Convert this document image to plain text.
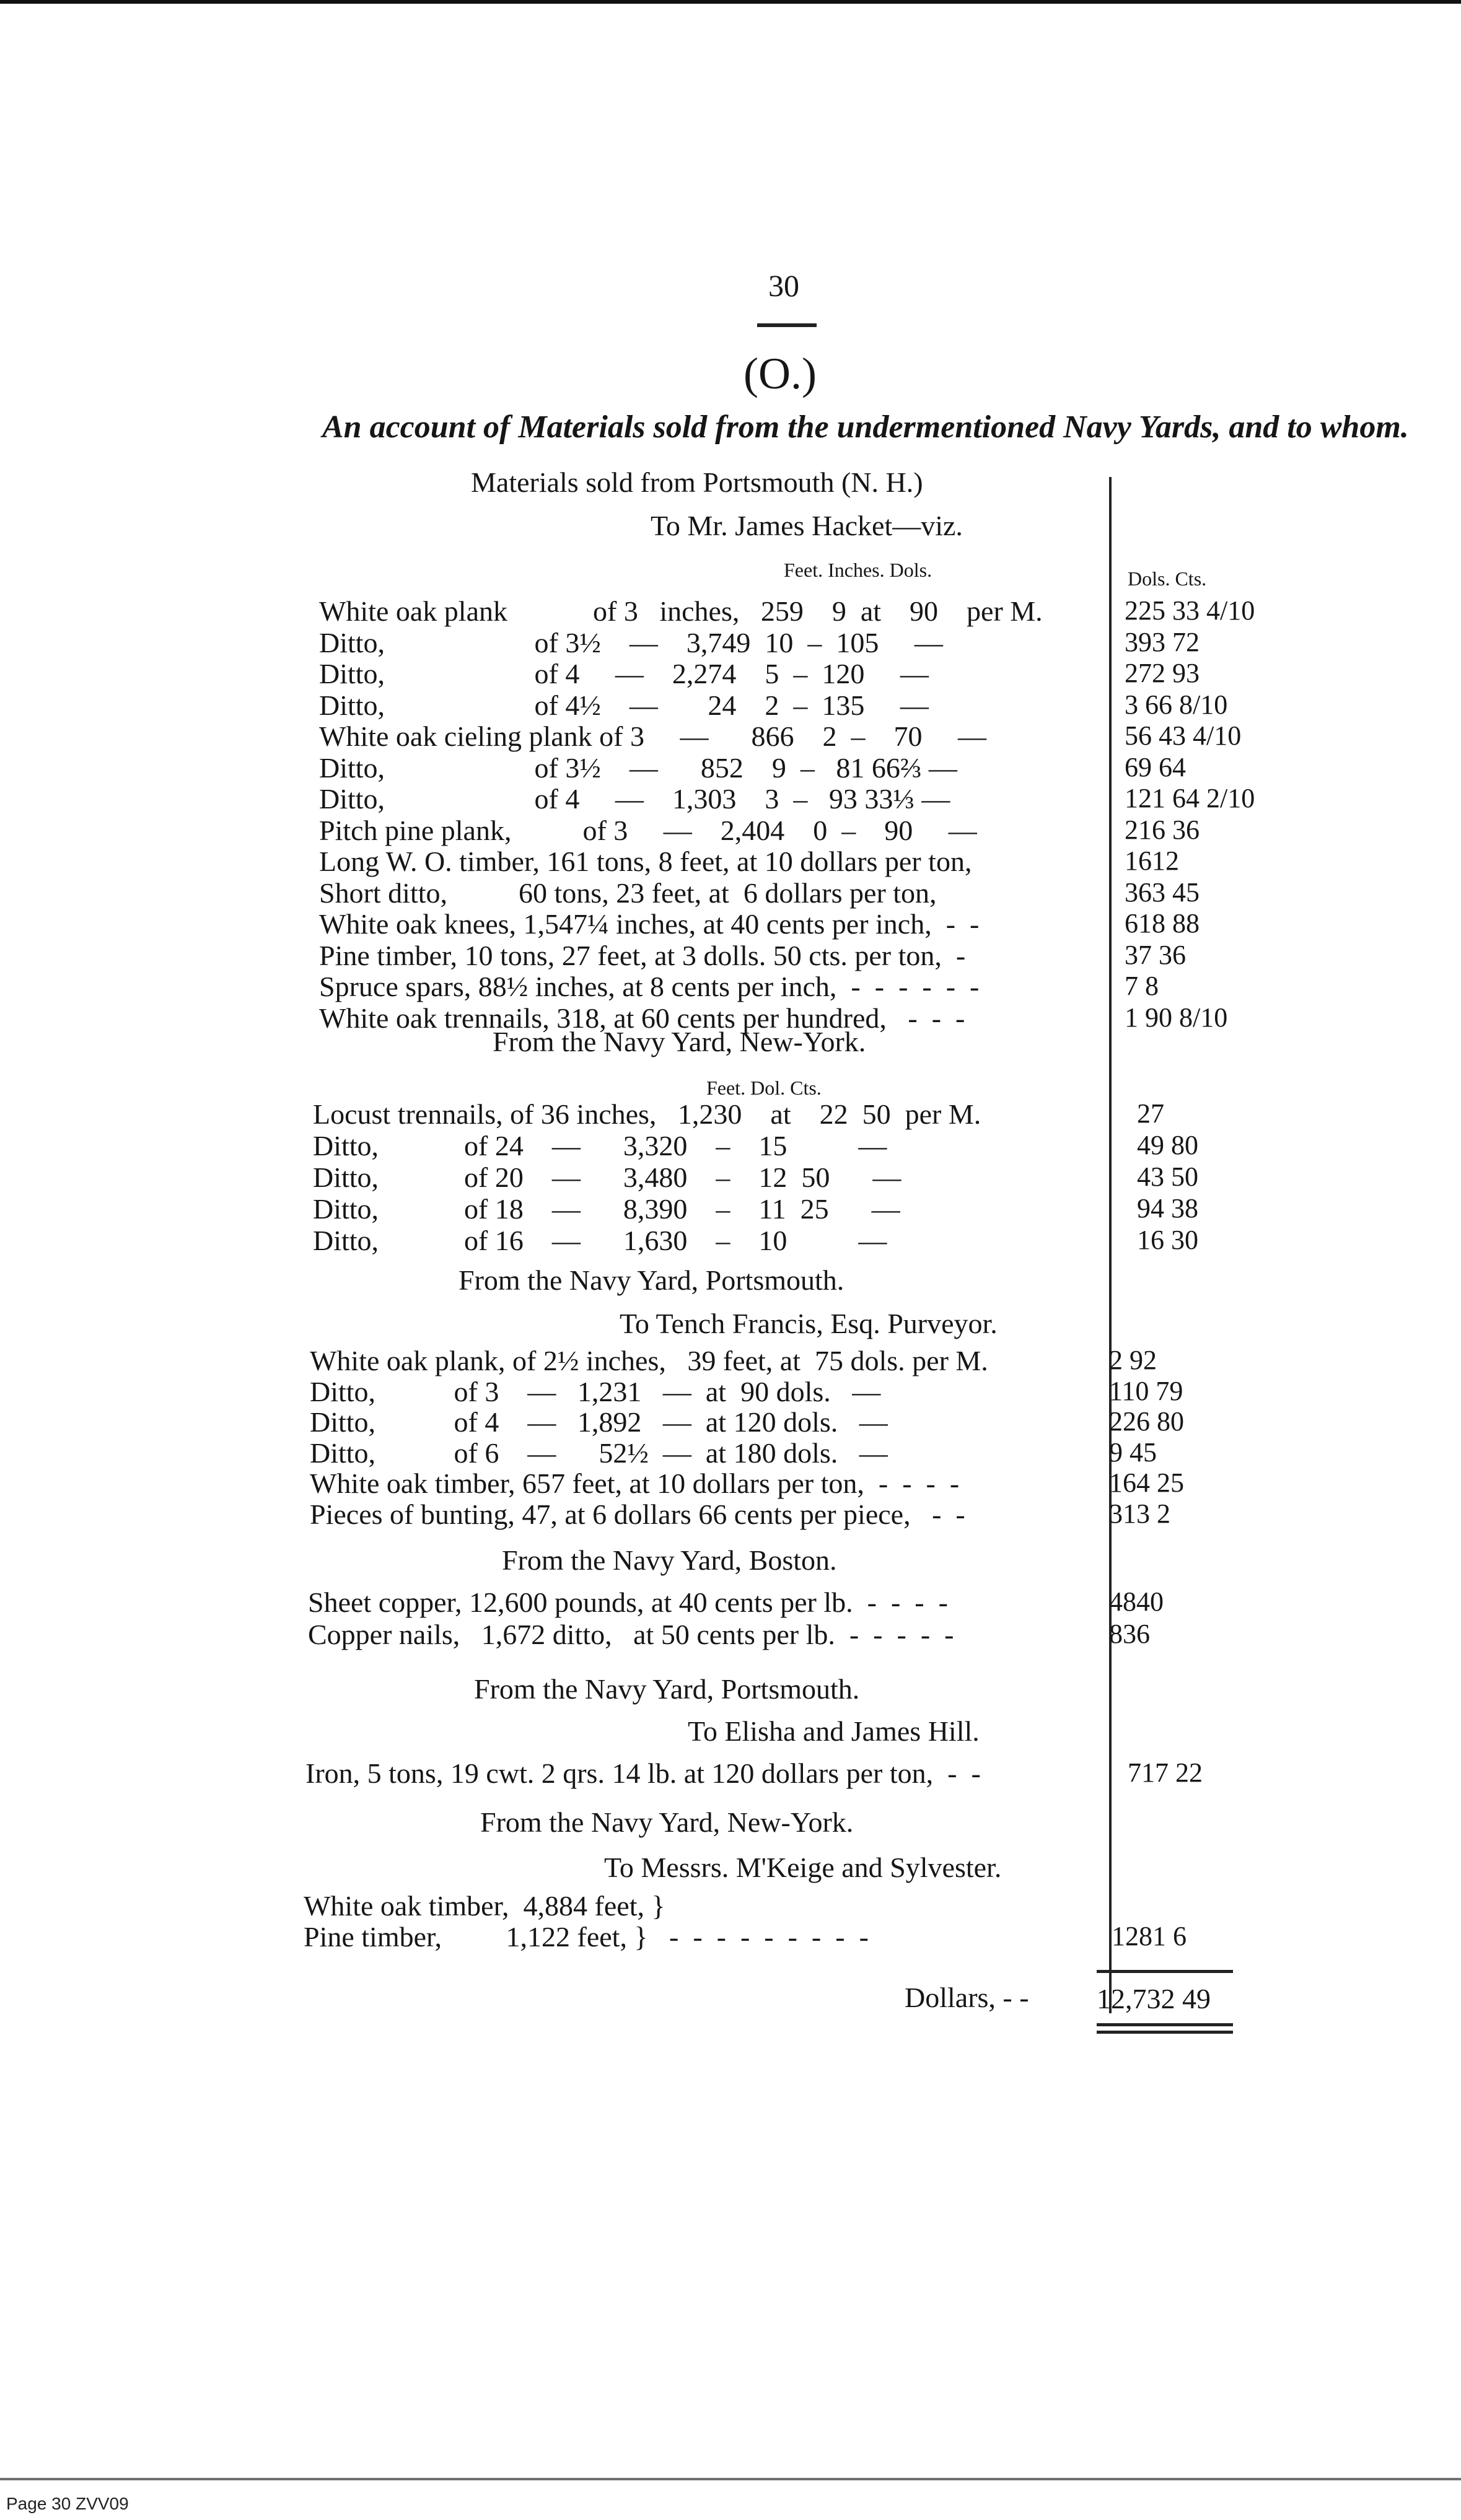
30
(O.)
An account of Materials sold from the undermentioned Navy Yards, and to whom.
Materials sold from Portsmouth (N. H.)
To Mr. James Hacket—viz.
Feet. Inches. Dols.	Dols. Cts.
White oak plank            of 3   inches,   259    9  at    90    per M.	225 33 4/10
Ditto,                     of 3½    —    3,749  10  –  105     —	393 72
Ditto,                     of 4     —    2,274    5  –  120     —	272 93
Ditto,                     of 4½    —       24    2  –  135     —	3 66 8/10
White oak cieling plank of 3     —      866    2  –    70     —	56 43 4/10
Ditto,                     of 3½    —      852    9  –   81 66⅔ —	69 64
Ditto,                     of 4     —    1,303    3  –   93 33⅓ —	121 64 2/10
Pitch pine plank,          of 3     —    2,404    0  –    90     —	216 36
Long W. O. timber, 161 tons, 8 feet, at 10 dollars per ton,	1612
Short ditto,          60 tons, 23 feet, at  6 dollars per ton,	363 45
White oak knees, 1,547¼ inches, at 40 cents per inch,  -  -	618 88
Pine timber, 10 tons, 27 feet, at 3 dolls. 50 cts. per ton,  -	37 36
Spruce spars, 88½ inches, at 8 cents per inch,  -  -  -  -  -  -	7 8
White oak trennails, 318, at 60 cents per hundred,   -  -  -	1 90 8/10
From the Navy Yard, New-York.
Feet. Dol. Cts.
Locust trennails, of 36 inches,   1,230    at    22  50  per M.	27
Ditto,            of 24    —      3,320    –    15          —	49 80
Ditto,            of 20    —      3,480    –    12  50      —	43 50
Ditto,            of 18    —      8,390    –    11  25      —	94 38
Ditto,            of 16    —      1,630    –    10          —	16 30
From the Navy Yard, Portsmouth.
To Tench Francis, Esq. Purveyor.
White oak plank, of 2½ inches,   39 feet, at  75 dols. per M.	2 92
Ditto,           of 3    —   1,231   —  at  90 dols.   —	110 79
Ditto,           of 4    —   1,892   —  at 120 dols.   —	226 80
Ditto,           of 6    —      52½  —  at 180 dols.   —	9 45
White oak timber, 657 feet, at 10 dollars per ton,  -  -  -  -	164 25
Pieces of bunting, 47, at 6 dollars 66 cents per piece,   -  -	313 2
From the Navy Yard, Boston.
Sheet copper, 12,600 pounds, at 40 cents per lb.  -  -  -  -	4840
Copper nails,   1,672 ditto,   at 50 cents per lb.  -  -  -  -  -	836
From the Navy Yard, Portsmouth.
To Elisha and James Hill.
Iron, 5 tons, 19 cwt. 2 qrs. 14 lb. at 120 dollars per ton,  -  -	717 22
From the Navy Yard, New-York.
To Messrs. M'Keige and Sylvester.
White oak timber,  4,884 feet, }
Pine timber,         1,122 feet, }   -  -  -  -  -  -  -  -  -	1281 6
Dollars, - - 12,732 49
Page 30 ZVV09
